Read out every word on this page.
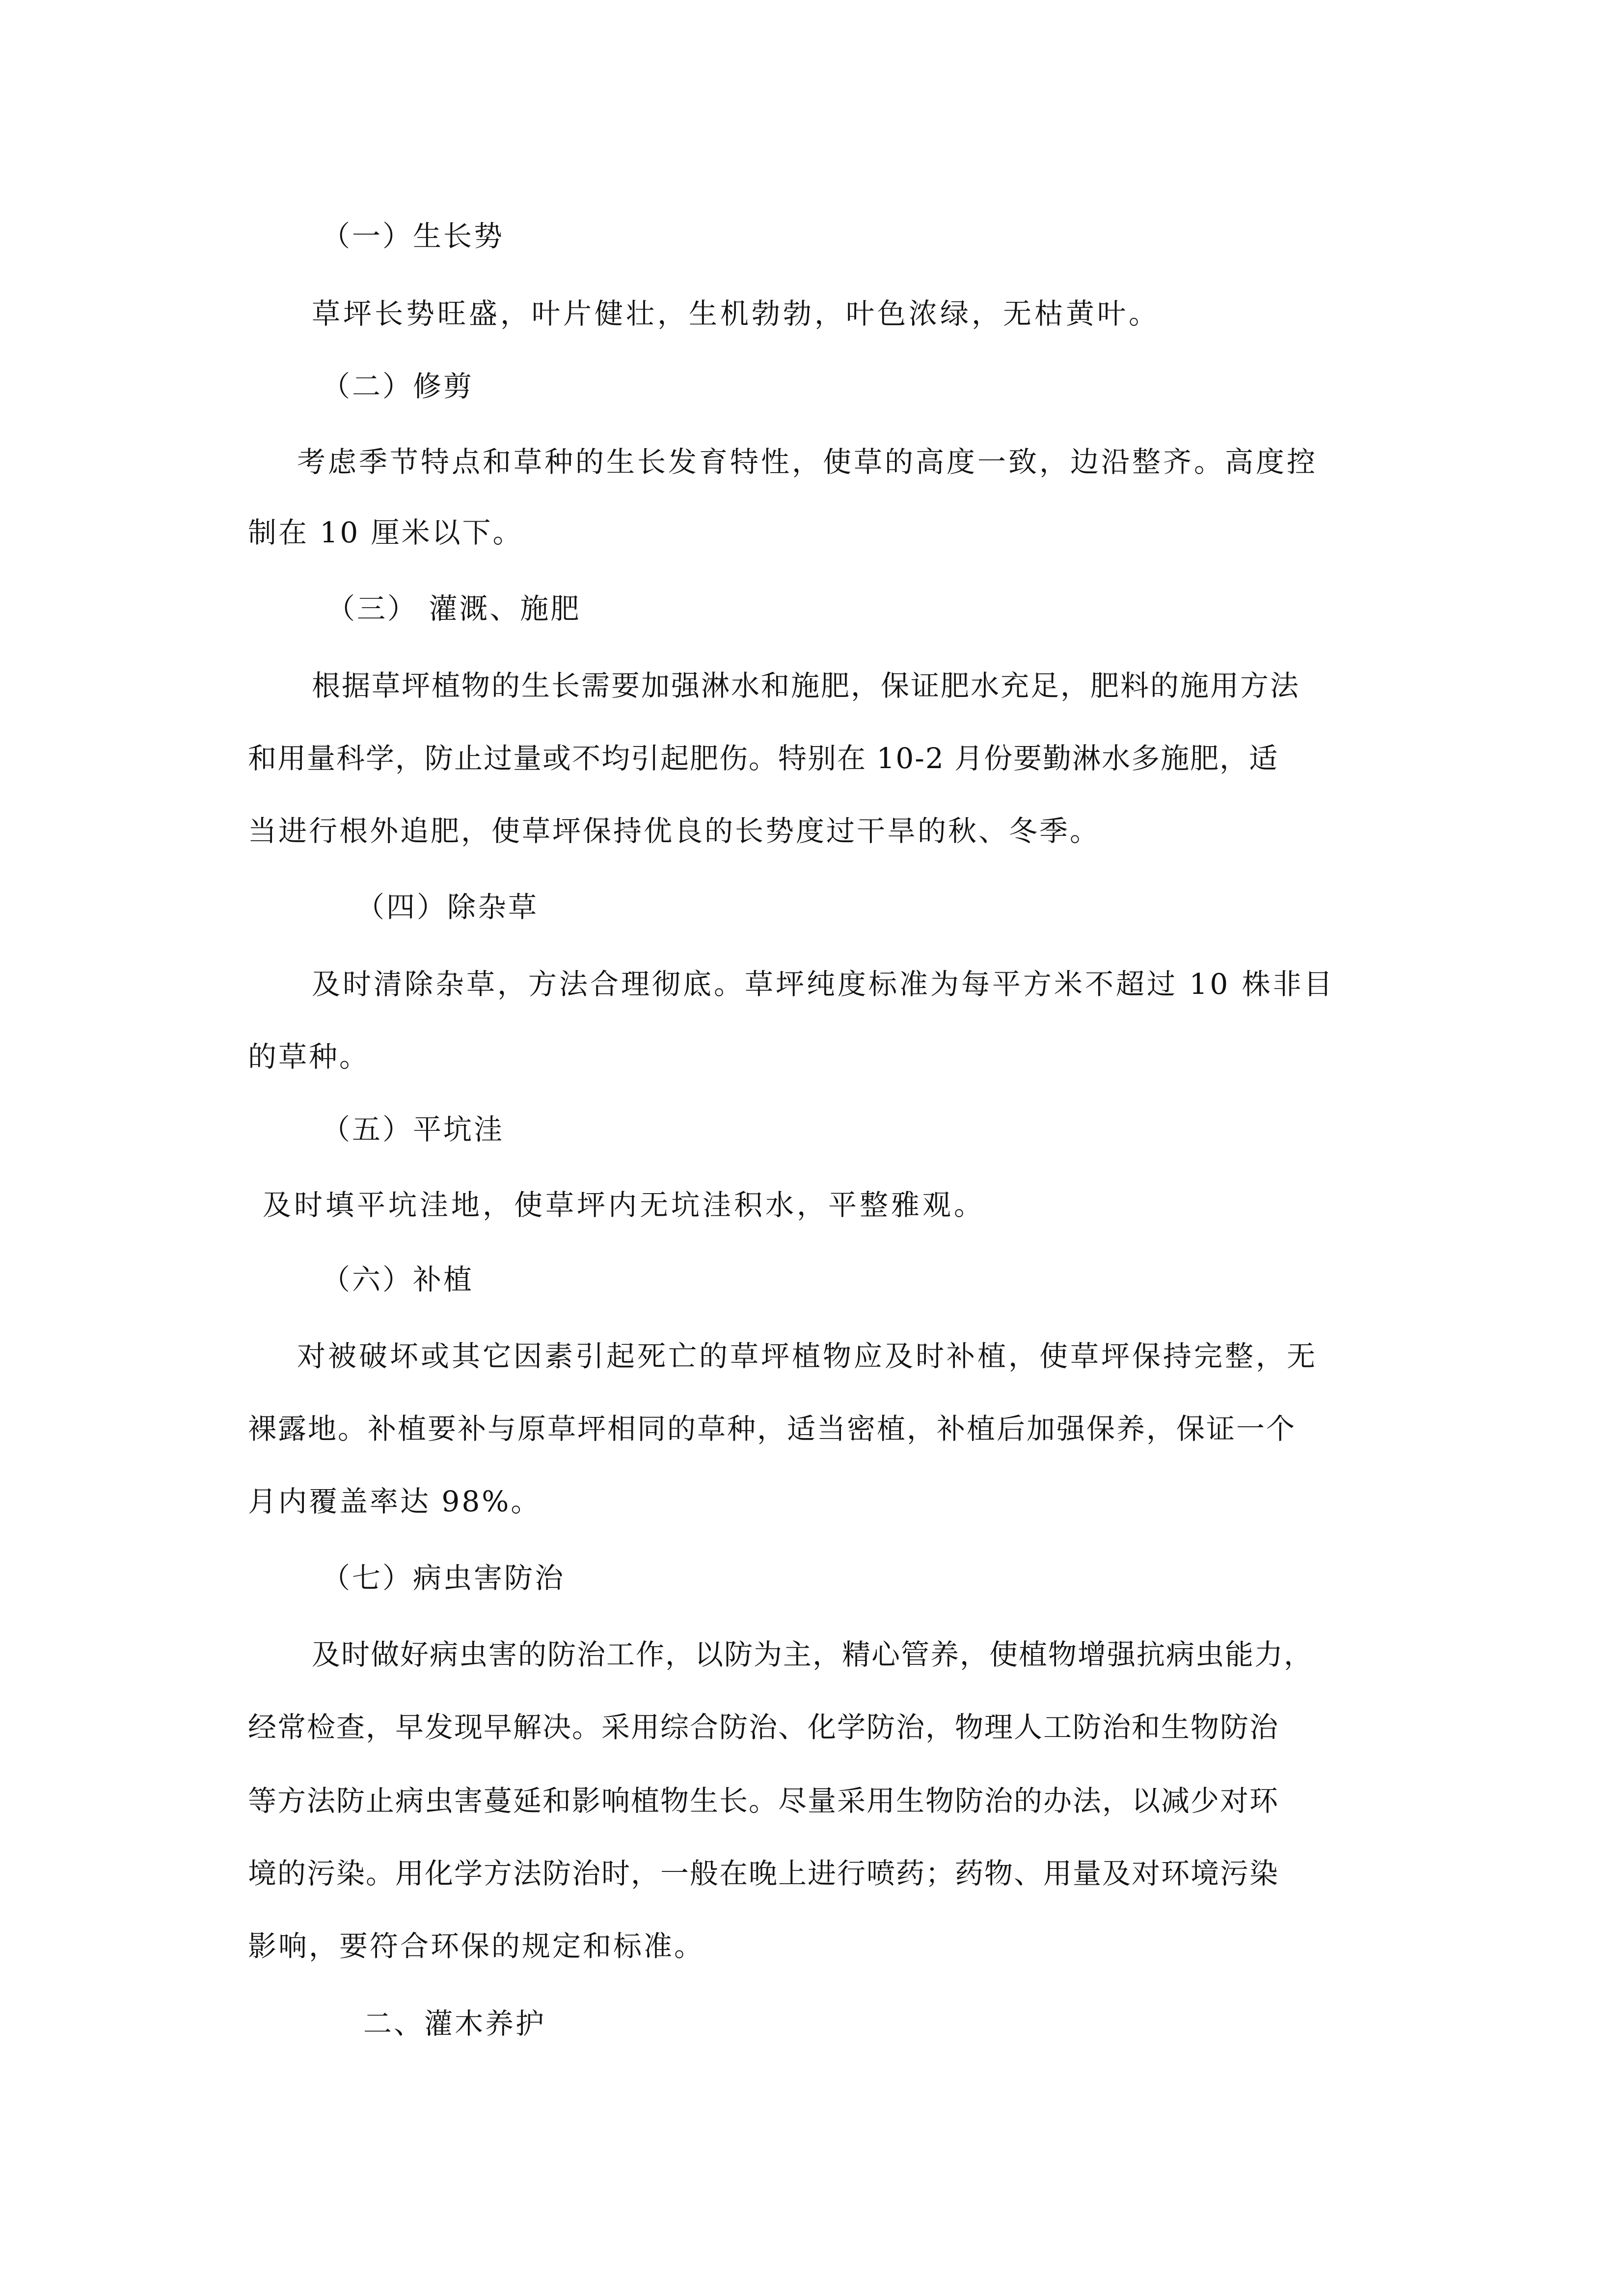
（一）生长势
草坪长势旺盛，叶片健壮，生机勃勃，叶色浓绿，无枯黄叶。
（二）修剪
考虑季节特点和草种的生长发育特性，使草的高度一致，边沿整齐。高度控
制在 10 厘米以下。
（三） 灌溉、施肥
根据草坪植物的生长需要加强淋水和施肥，保证肥水充足，肥料的施用方法
和用量科学，防止过量或不均引起肥伤。特别在 10-2 月份要勤淋水多施肥，适
当进行根外追肥，使草坪保持优良的长势度过干旱的秋、冬季。
（四）除杂草
及时清除杂草，方法合理彻底。草坪纯度标准为每平方米不超过 10 株非目
的草种。
（五）平坑洼
及时填平坑洼地，使草坪内无坑洼积水，平整雅观。
（六）补植
对被破坏或其它因素引起死亡的草坪植物应及时补植，使草坪保持完整，无
裸露地。补植要补与原草坪相同的草种，适当密植，补植后加强保养，保证一个
月内覆盖率达 98%。
（七）病虫害防治
及时做好病虫害的防治工作，以防为主，精心管养，使植物增强抗病虫能力，
经常检查，早发现早解决。采用综合防治、化学防治，物理人工防治和生物防治
等方法防止病虫害蔓延和影响植物生长。尽量采用生物防治的办法，以减少对环
境的污染。用化学方法防治时，一般在晚上进行喷药；药物、用量及对环境污染
影响，要符合环保的规定和标准。
二、灌木养护
